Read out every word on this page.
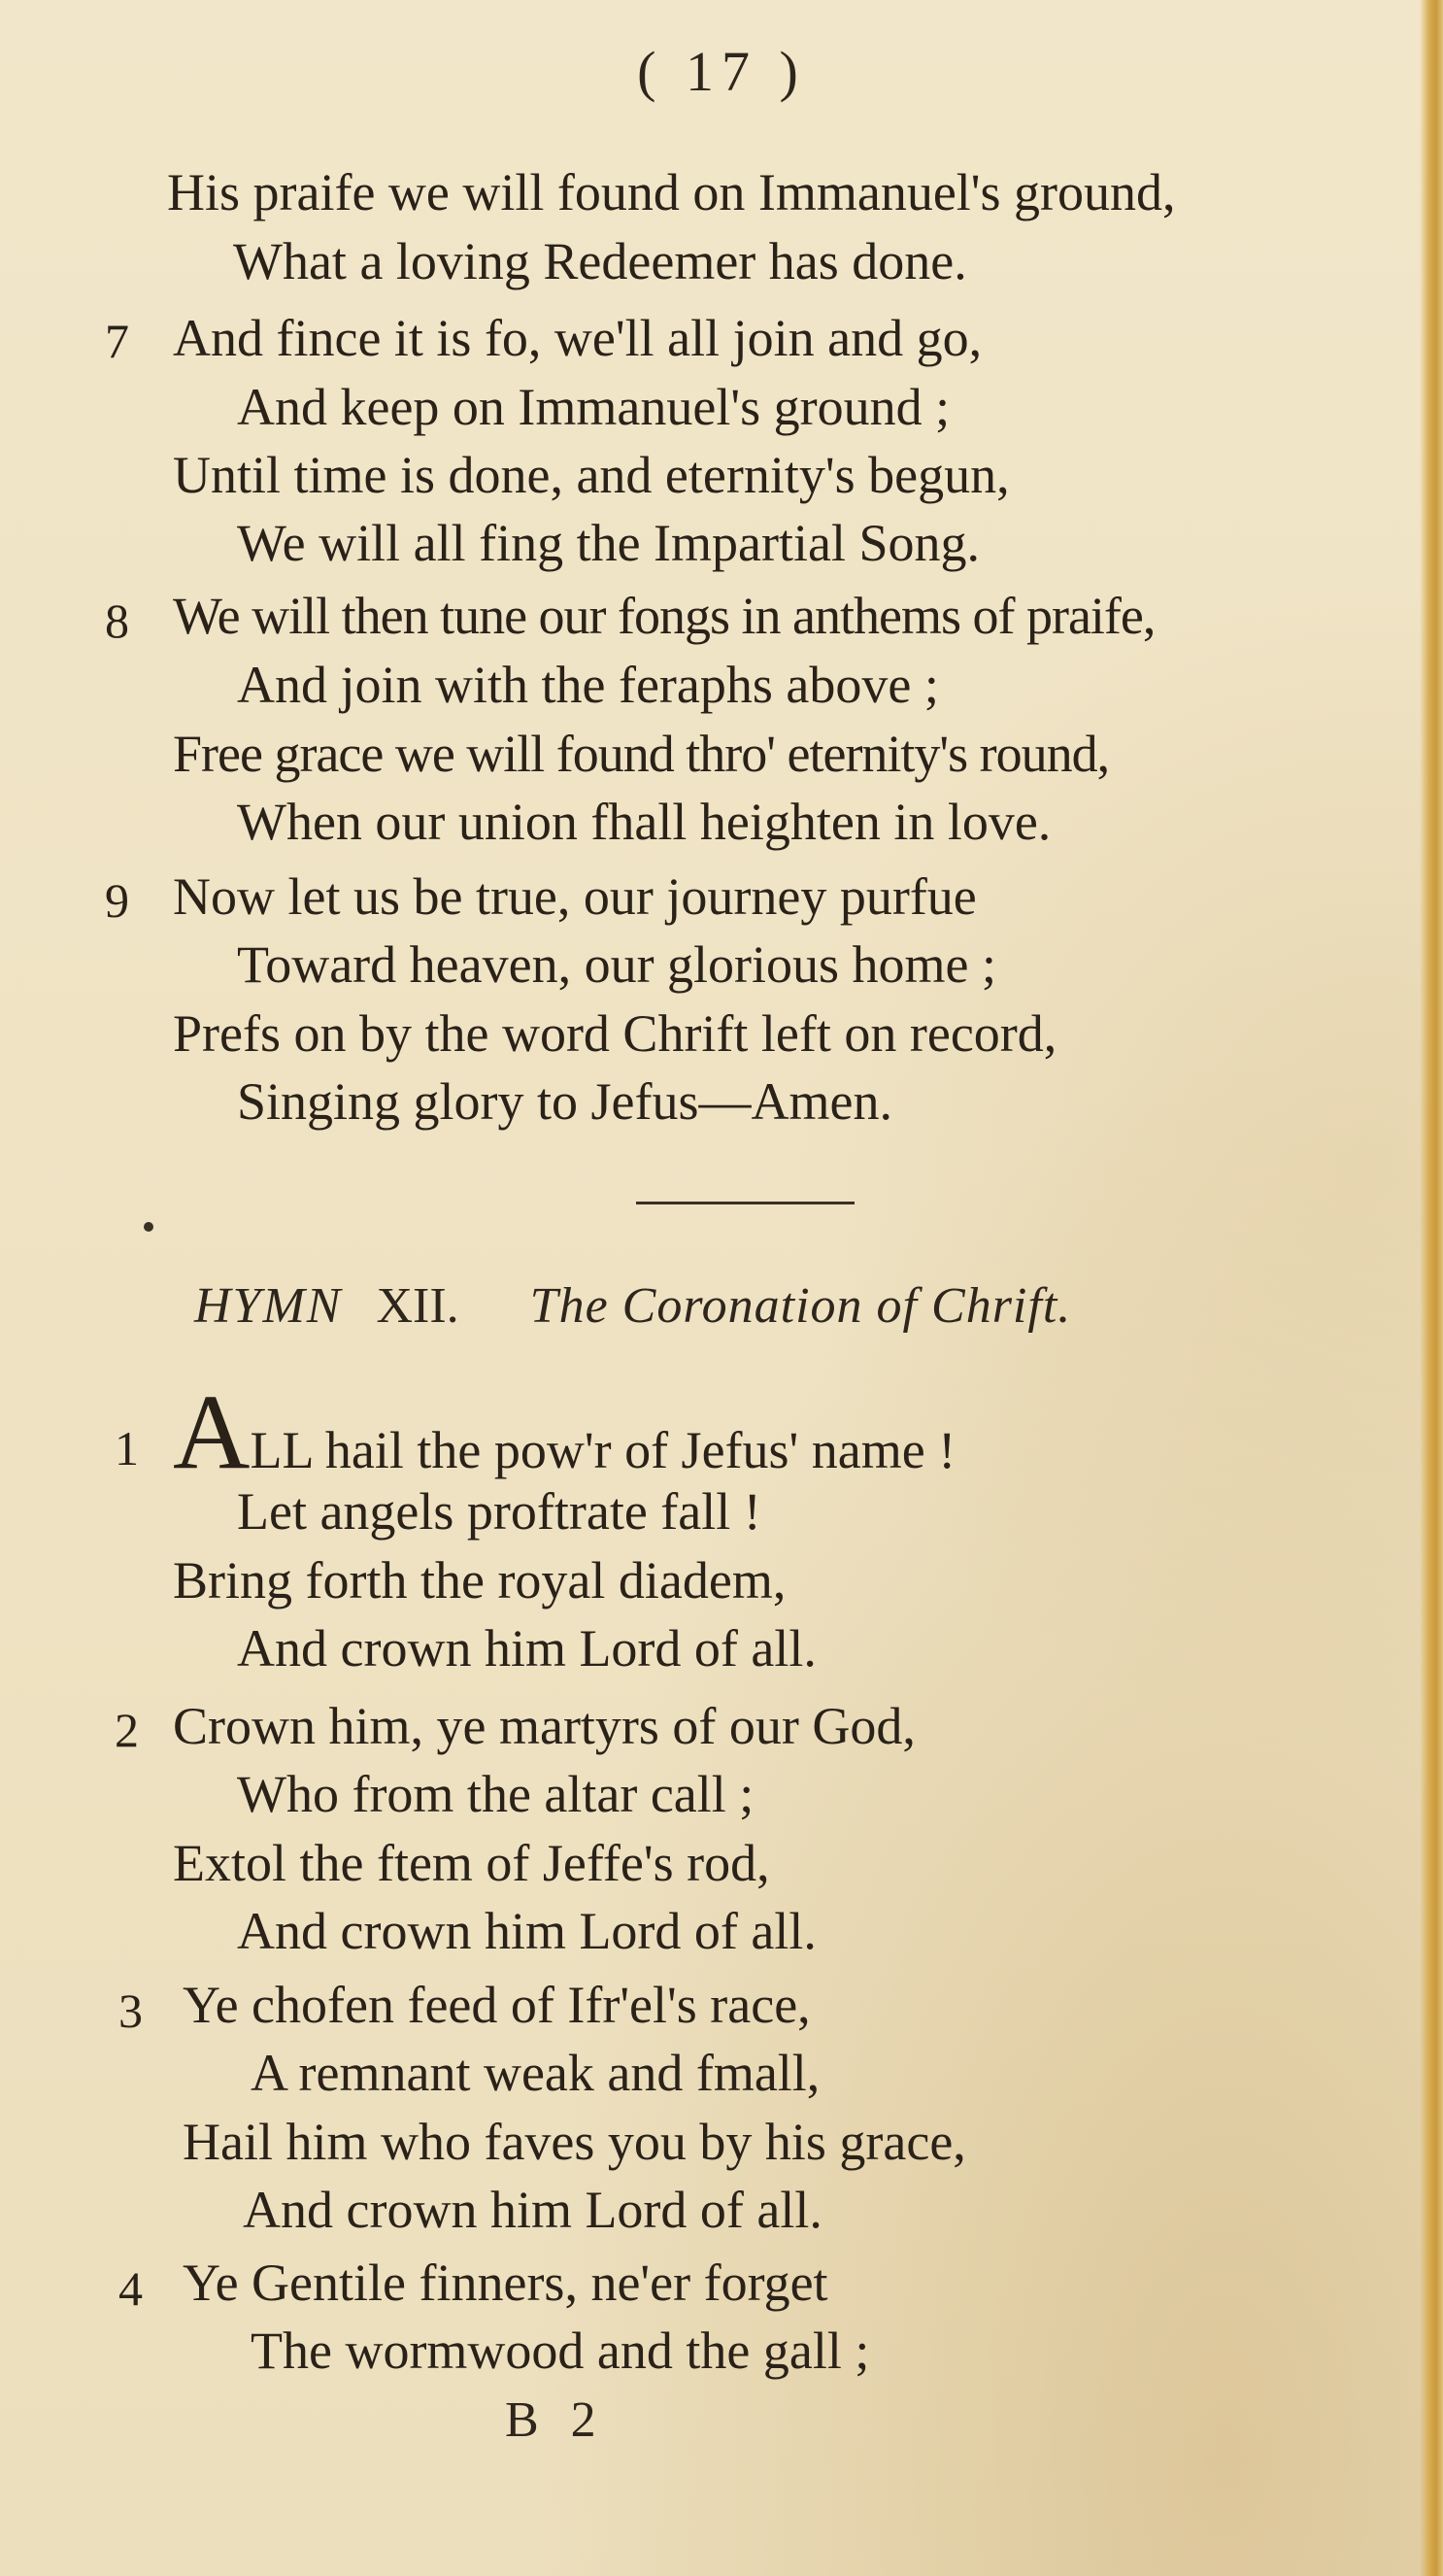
( 17 )
His praife we will found on Immanuel's ground,
What a loving Redeemer has done.
7 And fince it is fo, we'll all join and go,
And keep on Immanuel's ground ;
Until time is done, and eternity's begun,
We will all fing the Impartial Song.
8 We will then tune our fongs in anthems of praife,
And join with the feraphs above ;
Free grace we will found thro' eternity's round,
When our union fhall heighten in love.
9 Now let us be true, our journey purfue
Toward heaven, our glorious home ;
Prefs on by the word Chrift left on record,
Singing glory to Jefus—Amen.
HYMN XII. The Coronation of Chrift.
1 ALL hail the pow'r of Jefus' name !
Let angels proftrate fall !
Bring forth the royal diadem,
And crown him Lord of all.
2 Crown him, ye martyrs of our God,
Who from the altar call ;
Extol the ftem of Jeffe's rod,
And crown him Lord of all.
3 Ye chofen feed of Ifr'el's race,
A remnant weak and fmall,
Hail him who faves you by his grace,
And crown him Lord of all.
4 Ye Gentile finners, ne'er forget
The wormwood and the gall ;
B 2
